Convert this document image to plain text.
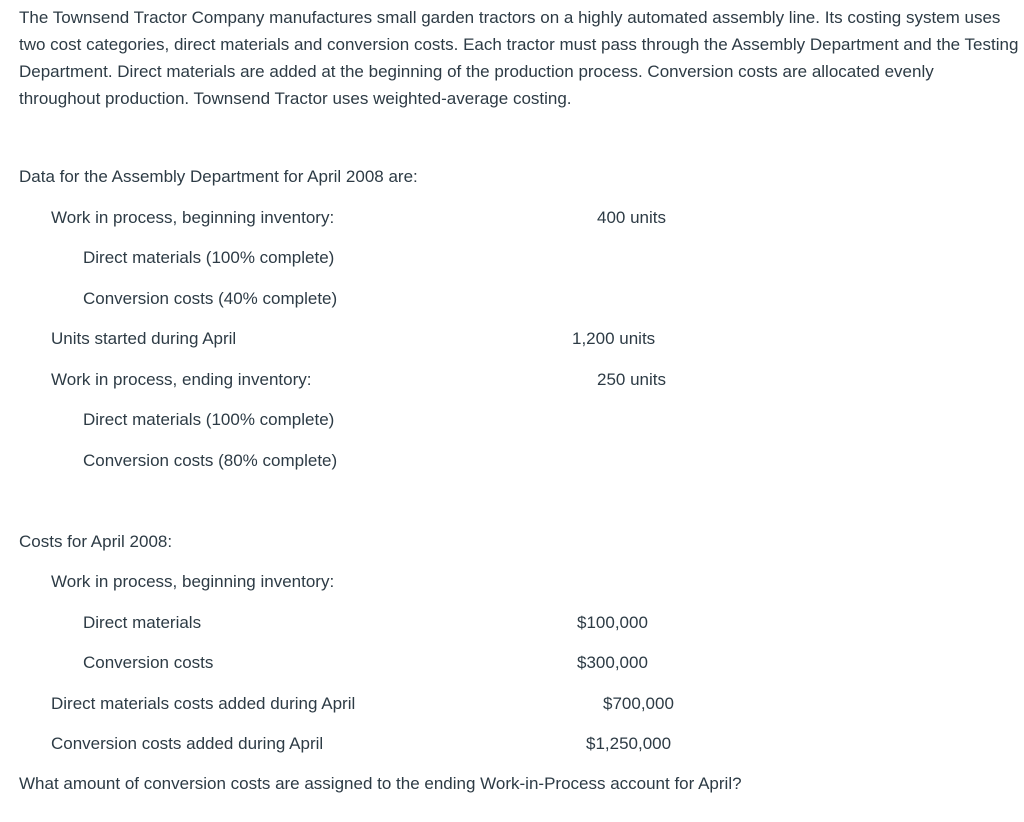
The Townsend Tractor Company manufactures small garden tractors on a highly automated assembly line. Its costing system uses two cost categories, direct materials and conversion costs. Each tractor must pass through the Assembly Department and the Testing Department. Direct materials are added at the beginning of the production process. Conversion costs are allocated evenly throughout production. Townsend Tractor uses weighted-average costing.

Data for the Assembly Department for April 2008 are:
Work in process, beginning inventory:	400 units
Direct materials (100% complete)
Conversion costs (40% complete)
Units started during April	1,200 units
Work in process, ending inventory:	250 units
Direct materials (100% complete)
Conversion costs (80% complete)
Costs for April 2008:
Work in process, beginning inventory:
Direct materials	$100,000
Conversion costs	$300,000
Direct materials costs added during April	$700,000
Conversion costs added during April	$1,250,000
What amount of conversion costs are assigned to the ending Work-in-Process account for April?
